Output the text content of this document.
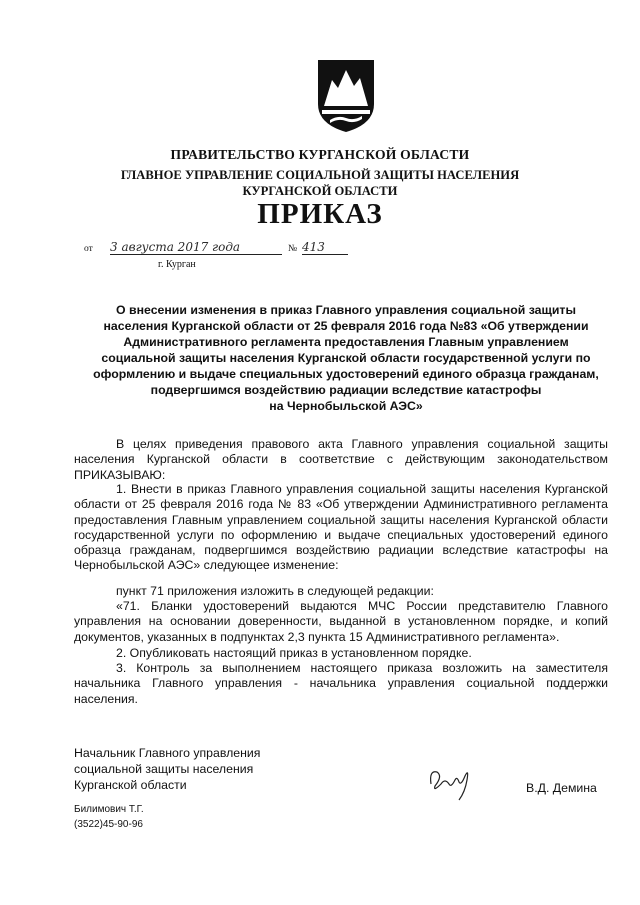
ПРАВИТЕЛЬСТВО КУРГАНСКОЙ ОБЛАСТИ
ГЛАВНОЕ УПРАВЛЕНИЕ СОЦИАЛЬНОЙ ЗАЩИТЫ НАСЕЛЕНИЯ
КУРГАНСКОЙ ОБЛАСТИ
ПРИКАЗ
от 3 августа 2017 года	№ 413
г. Курган
О внесении изменения в приказ Главного управления социальной защиты
населения Курганской области от 25 февраля 2016 года №83 «Об утверждении
Административного регламента предоставления Главным управлением
социальной защиты населения Курганской области государственной услуги по
оформлению и выдаче специальных удостоверений единого образца гражданам,
подвергшимся воздействию радиации вследствие катастрофы
на Чернобыльской АЭС»
В целях приведения правового акта Главного управления социальной защиты населения Курганской области в соответствие с действующим законодательством ПРИКАЗЫВАЮ:
1. Внести в приказ Главного управления социальной защиты населения Курганской области от 25 февраля 2016 года № 83 «Об утверждении Административного регламента предоставления Главным управлением социальной защиты населения Курганской области государственной услуги по оформлению и выдаче специальных удостоверений единого образца гражданам, подвергшимся воздействию радиации вследствие катастрофы на Чернобыльской АЭС» следующее изменение:
пункт 71 приложения изложить в следующей редакции:
«71. Бланки удостоверений выдаются МЧС России представителю Главного управления на основании доверенности, выданной в установленном порядке, и копий документов, указанных в подпунктах 2,3 пункта 15 Административного регламента».
2. Опубликовать настоящий приказ в установленном порядке.
3. Контроль за выполнением настоящего приказа возложить на заместителя начальника Главного управления - начальника управления социальной поддержки населения.
Начальник Главного управления
социальной защиты населения
Курганской области	В.Д. Демина
Билимович Т.Г.
(3522)45-90-96
